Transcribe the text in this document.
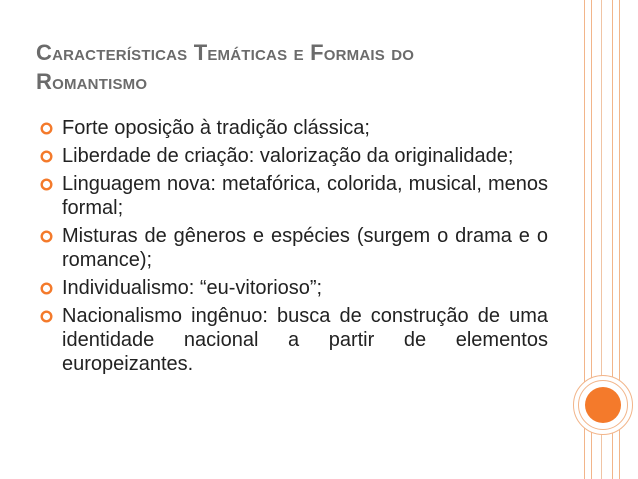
Características Temáticas e Formais do
Romantismo
Forte oposição à tradição clássica;
Liberdade de criação: valorização da originalidade;
Linguagem nova: metafórica, colorida, musical, menos formal;
Misturas de gêneros e espécies (surgem o drama e o romance);
Individualismo: “eu-vitorioso”;
Nacionalismo ingênuo: busca de construção de uma identidade nacional a partir de elementos europeizantes.
